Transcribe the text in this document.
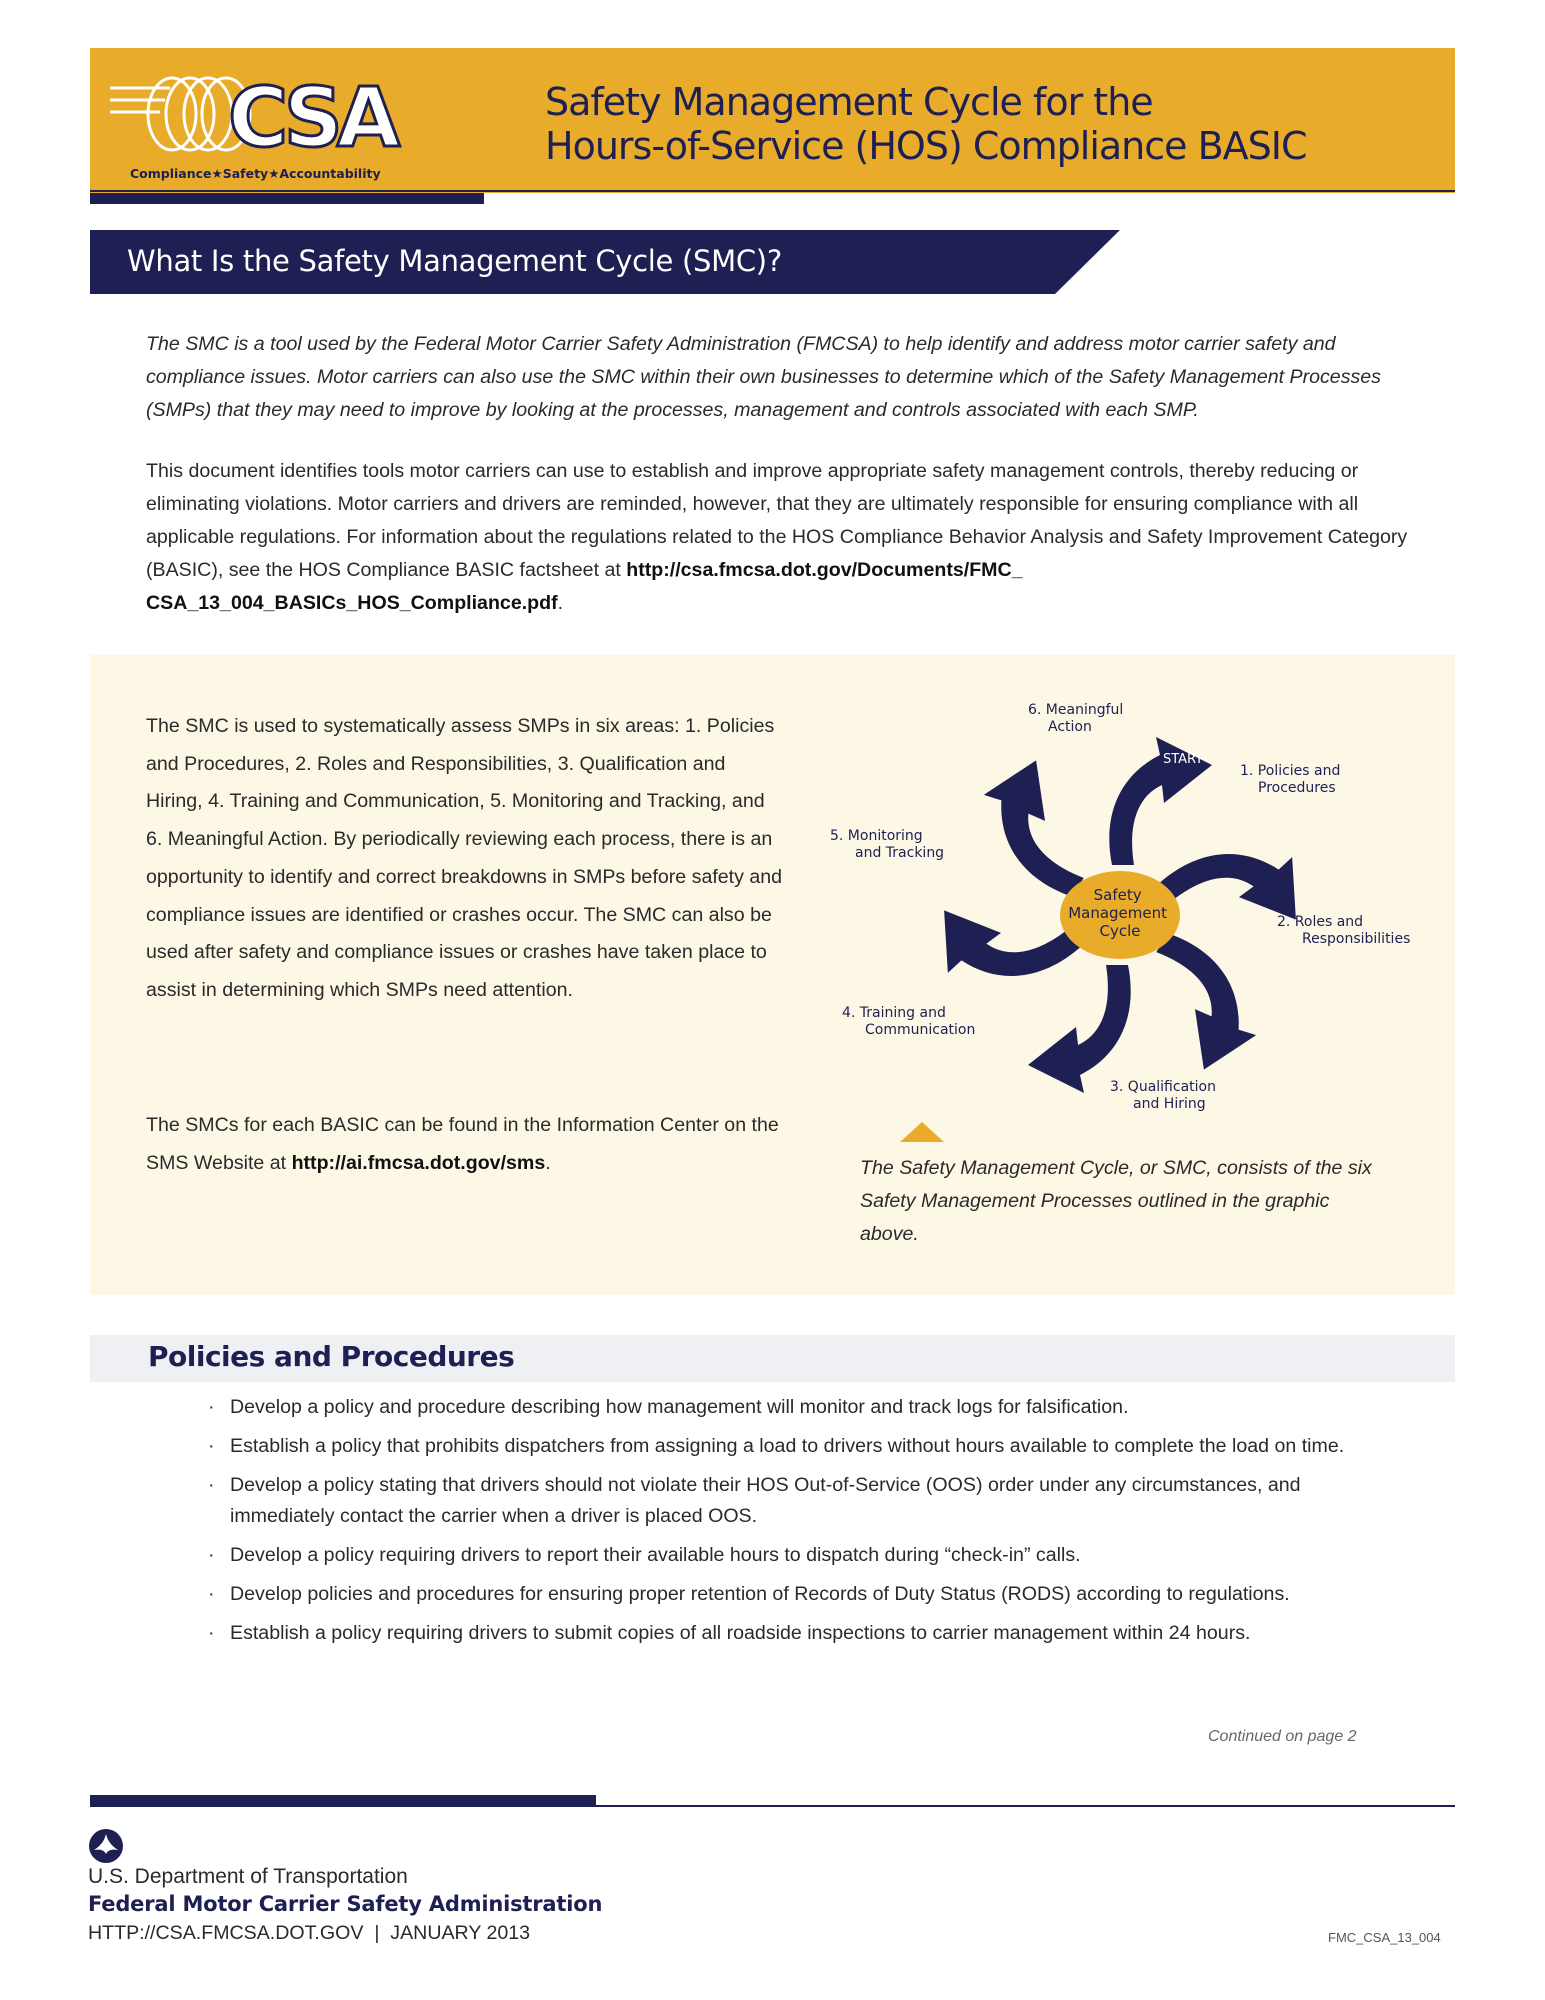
CSA
Compliance★Safety★Accountability
Safety Management Cycle for the
Hours-of-Service (HOS) Compliance BASIC
What Is the Safety Management Cycle (SMC)?
The SMC is a tool used by the Federal Motor Carrier Safety Administration (FMCSA) to help identify and address motor carrier safety and compliance issues. Motor carriers can also use the SMC within their own businesses to determine which of the Safety Management Processes (SMPs) that they may need to improve by looking at the processes, management and controls associated with each SMP.
This document identifies tools motor carriers can use to establish and improve appropriate safety management controls, thereby reducing or eliminating violations. Motor carriers and drivers are reminded, however, that they are ultimately responsible for ensuring compliance with all applicable regulations. For information about the regulations related to the HOS Compliance Behavior Analysis and Safety Improvement Category (BASIC), see the HOS Compliance BASIC factsheet at http://csa.fmcsa.dot.gov/Documents/FMC_ CSA_13_004_BASICs_HOS_Compliance.pdf.
The SMC is used to systematically assess SMPs in six areas: 1. Policies and Procedures, 2. Roles and Responsibilities, 3. Qualification and Hiring, 4. Training and Communication, 5. Monitoring and Tracking, and 6. Meaningful Action. By periodically reviewing each process, there is an opportunity to identify and correct breakdowns in SMPs before safety and compliance issues are identified or crashes occur. The SMC can also be used after safety and compliance issues or crashes have taken place to assist in determining which SMPs need attention.
The SMCs for each BASIC can be found in the Information Center on the SMS Website at http://ai.fmcsa.dot.gov/sms.
Safety Management Cycle
START
1. Policies and Procedures
2. Roles and Responsibilities
3. Qualification and Hiring
4. Training and Communication
5. Monitoring and Tracking
6. Meaningful Action
The Safety Management Cycle, or SMC, consists of the six Safety Management Processes outlined in the graphic above.
Policies and Procedures
· Develop a policy and procedure describing how management will monitor and track logs for falsification.
· Establish a policy that prohibits dispatchers from assigning a load to drivers without hours available to complete the load on time.
· Develop a policy stating that drivers should not violate their HOS Out-of-Service (OOS) order under any circumstances, and immediately contact the carrier when a driver is placed OOS.
· Develop a policy requiring drivers to report their available hours to dispatch during “check-in” calls.
· Develop policies and procedures for ensuring proper retention of Records of Duty Status (RODS) according to regulations.
· Establish a policy requiring drivers to submit copies of all roadside inspections to carrier management within 24 hours.
Continued on page 2
U.S. Department of Transportation
Federal Motor Carrier Safety Administration
HTTP://CSA.FMCSA.DOT.GOV | JANUARY 2013	FMC_CSA_13_004
